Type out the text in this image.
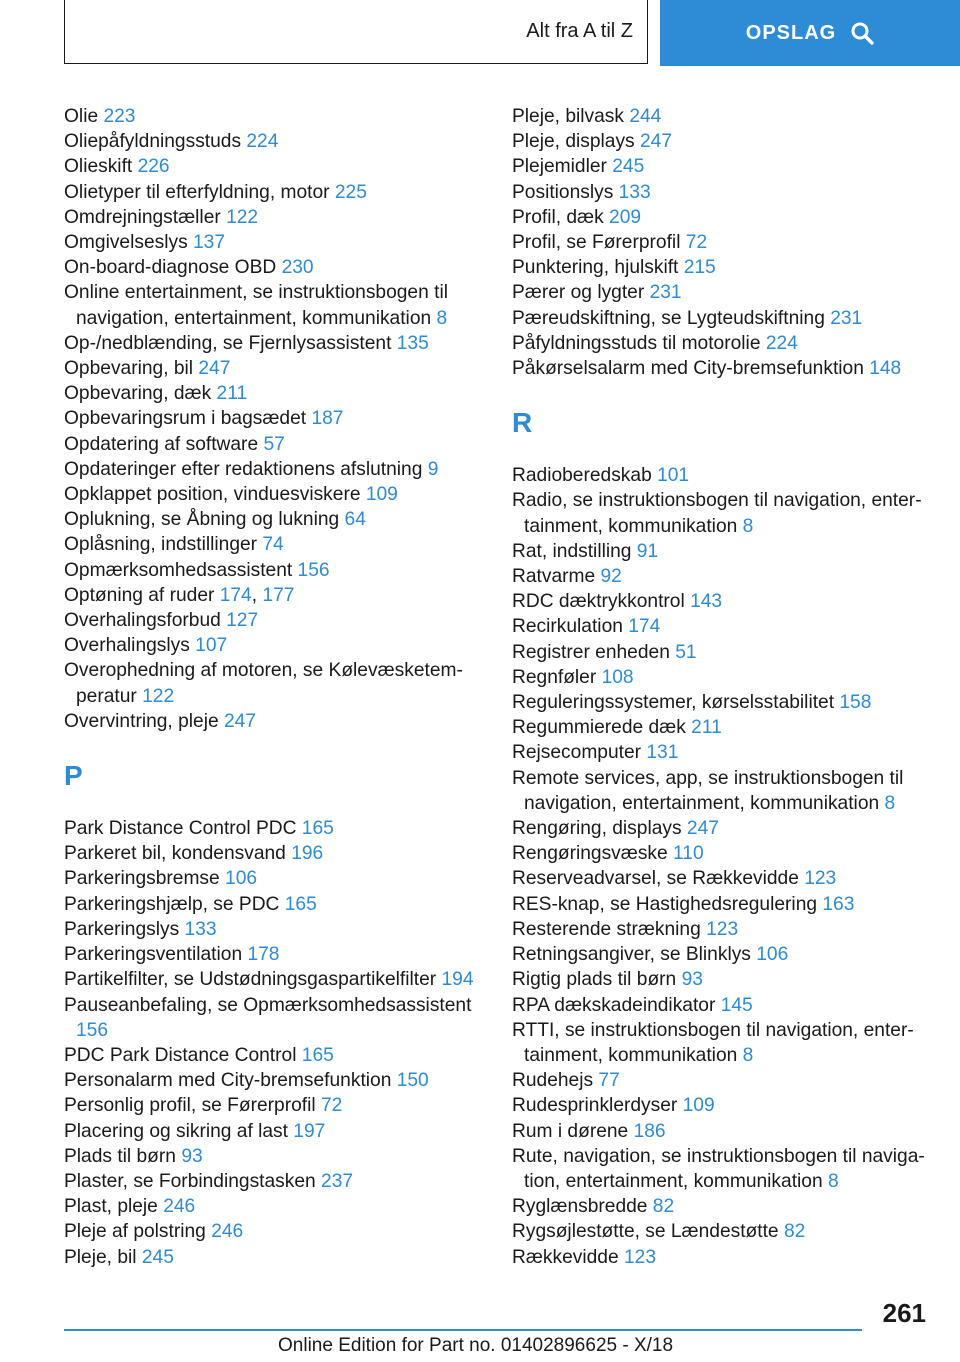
Alt fra A til Z	OPSLAG
Olie 223
Oliepåfyldningsstuds 224
Olieskift 226
Olietyper til efterfyldning, motor 225
Omdrejningstæller 122
Omgivelseslys 137
On-board-diagnose OBD 230
Online entertainment, se instruktionsbogen til navigation, entertainment, kommunikation 8
Op-/nedblænding, se Fjernlysassistent 135
Opbevaring, bil 247
Opbevaring, dæk 211
Opbevaringsrum i bagsædet 187
Opdatering af software 57
Opdateringer efter redaktionens afslutning 9
Opklappet position, vinduesviskere 109
Oplukning, se Åbning og lukning 64
Oplåsning, indstillinger 74
Opmærksomhedsassistent 156
Optøning af ruder 174, 177
Overhalingsforbud 127
Overhalingslys 107
Overophedning af motoren, se Kølevæsketemperatur 122
Overvintring, pleje 247
P
Park Distance Control PDC 165
Parkeret bil, kondensvand 196
Parkeringsbremse 106
Parkeringshjælp, se PDC 165
Parkeringslys 133
Parkeringsventilation 178
Partikelfilter, se Udstødningsgaspartikelfilter 194
Pauseanbefaling, se Opmærksomhedsassistent 156
PDC Park Distance Control 165
Personalarm med City-bremsefunktion 150
Personlig profil, se Førerprofil 72
Placering og sikring af last 197
Plads til børn 93
Plaster, se Forbindingstasken 237
Plast, pleje 246
Pleje af polstring 246
Pleje, bil 245
Pleje, bilvask 244
Pleje, displays 247
Plejemidler 245
Positionslys 133
Profil, dæk 209
Profil, se Førerprofil 72
Punktering, hjulskift 215
Pærer og lygter 231
Pæreudskiftning, se Lygteudskiftning 231
Påfyldningsstuds til motorolie 224
Påkørselsalarm med City-bremsefunktion 148
R
Radioberedskab 101
Radio, se instruktionsbogen til navigation, entertainment, kommunikation 8
Rat, indstilling 91
Ratvarme 92
RDC dæktrykkontrol 143
Recirkulation 174
Registrer enheden 51
Regnføler 108
Reguleringssystemer, kørselsstabilitet 158
Regummierede dæk 211
Rejsecomputer 131
Remote services, app, se instruktionsbogen til navigation, entertainment, kommunikation 8
Rengøring, displays 247
Rengøringsvæske 110
Reserveadvarsel, se Rækkevidde 123
RES-knap, se Hastighedsregulering 163
Resterende strækning 123
Retningsangiver, se Blinklys 106
Rigtig plads til børn 93
RPA dækskadeindikator 145
RTTI, se instruktionsbogen til navigation, entertainment, kommunikation 8
Rudehejs 77
Rudesprinklerdyser 109
Rum i dørene 186
Rute, navigation, se instruktionsbogen til navigation, entertainment, kommunikation 8
Ryglænsbredde 82
Rygsøjlestøtte, se Lændestøtte 82
Rækkevidde 123
261
Online Edition for Part no. 01402896625 - X/18
